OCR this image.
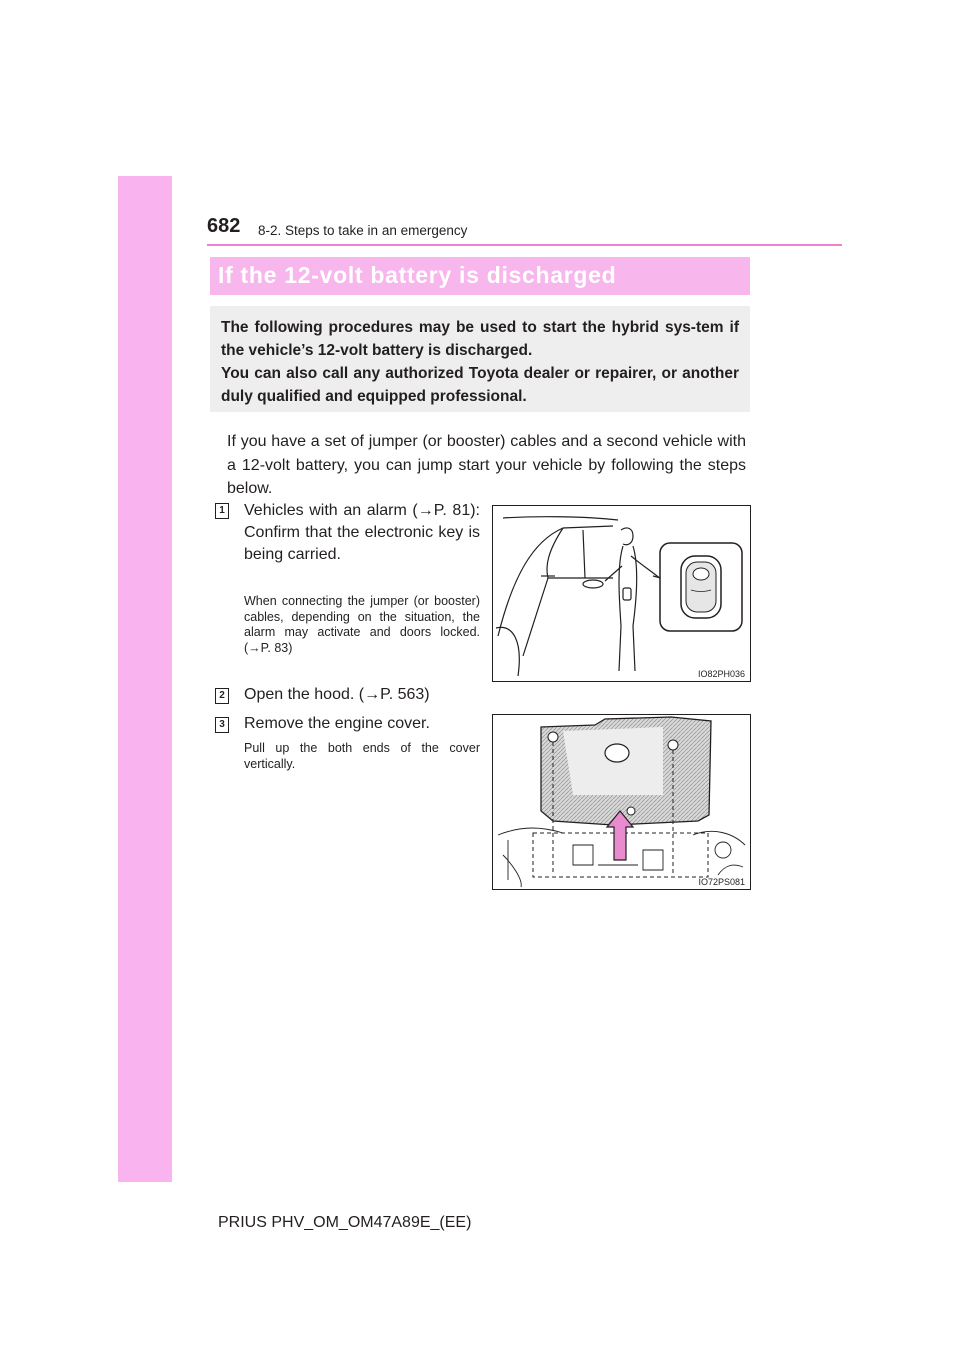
682 8-2. Steps to take in an emergency
If the 12-volt battery is discharged

The following procedures may be used to start the hybrid sys-tem if the vehicle’s 12-volt battery is discharged.

You can also call any authorized Toyota dealer or repairer, or another duly qualified and equipped professional.

If you have a set of jumper (or booster) cables and a second vehicle with a 12-volt battery, you can jump start your vehicle by following the steps below.

1 Vehicles with an alarm (→P. 81): Confirm that the electronic key is being carried.

When connecting the jumper (or booster) cables, depending on the situation, the alarm may activate and doors locked. (→P. 83)

IO82PH036
2 Open the hood. (→P. 563)

3 Remove the engine cover.

Pull up the both ends of the cover vertically.

IO72PS081
PRIUS PHV_OM_OM47A89E_(EE)
